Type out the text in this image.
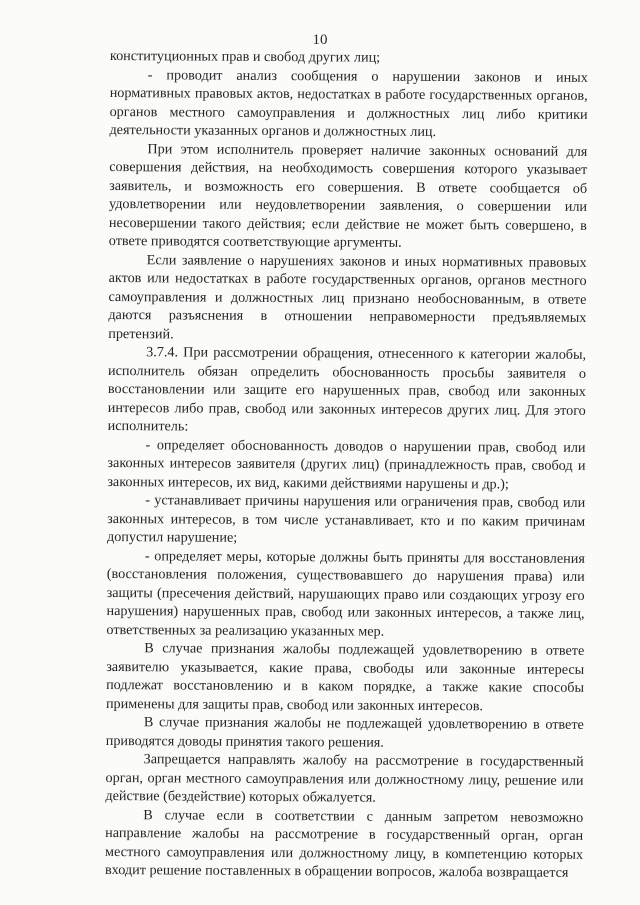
10

конституционных прав и свобод других лиц;

- проводит анализ сообщения о нарушении законов и иных нормативных правовых актов, недостатках в работе государственных органов, органов местного самоуправления и должностных лиц либо критики деятельности указанных органов и должностных лиц.

При этом исполнитель проверяет наличие законных оснований для совершения действия, на необходимость совершения которого указывает заявитель, и возможность его совершения. В ответе сообщается об удовлетворении или неудовлетворении заявления, о совершении или несовершении такого действия; если действие не может быть совершено, в ответе приводятся соответствующие аргументы.

Если заявление о нарушениях законов и иных нормативных правовых актов или недостатках в работе государственных органов, органов местного самоуправления и должностных лиц признано необоснованным, в ответе даются разъяснения в отношении неправомерности предъявляемых претензий.

3.7.4. При рассмотрении обращения, отнесенного к категории жалобы, исполнитель обязан определить обоснованность просьбы заявителя о восстановлении или защите его нарушенных прав, свобод или законных интересов либо прав, свобод или законных интересов других лиц. Для этого исполнитель:

- определяет обоснованность доводов о нарушении прав, свобод или законных интересов заявителя (других лиц) (принадлежность прав, свобод и законных интересов, их вид, какими действиями нарушены и др.);

- устанавливает причины нарушения или ограничения прав, свобод или законных интересов, в том числе устанавливает, кто и по каким причинам допустил нарушение;

- определяет меры, которые должны быть приняты для восстановления (восстановления положения, существовавшего до нарушения права) или защиты (пресечения действий, нарушающих право или создающих угрозу его нарушения) нарушенных прав, свобод или законных интересов, а также лиц, ответственных за реализацию указанных мер.

В случае признания жалобы подлежащей удовлетворению в ответе заявителю указывается, какие права, свободы или законные интересы подлежат восстановлению и в каком порядке, а также какие способы применены для защиты прав, свобод или законных интересов.

В случае признания жалобы не подлежащей удовлетворению в ответе приводятся доводы принятия такого решения.

Запрещается направлять жалобу на рассмотрение в государственный орган, орган местного самоуправления или должностному лицу, решение или действие (бездействие) которых обжалуется.

В случае если в соответствии с данным запретом невозможно направление жалобы на рассмотрение в государственный орган, орган местного самоуправления или должностному лицу, в компетенцию которых входит решение поставленных в обращении вопросов, жалоба возвращается
